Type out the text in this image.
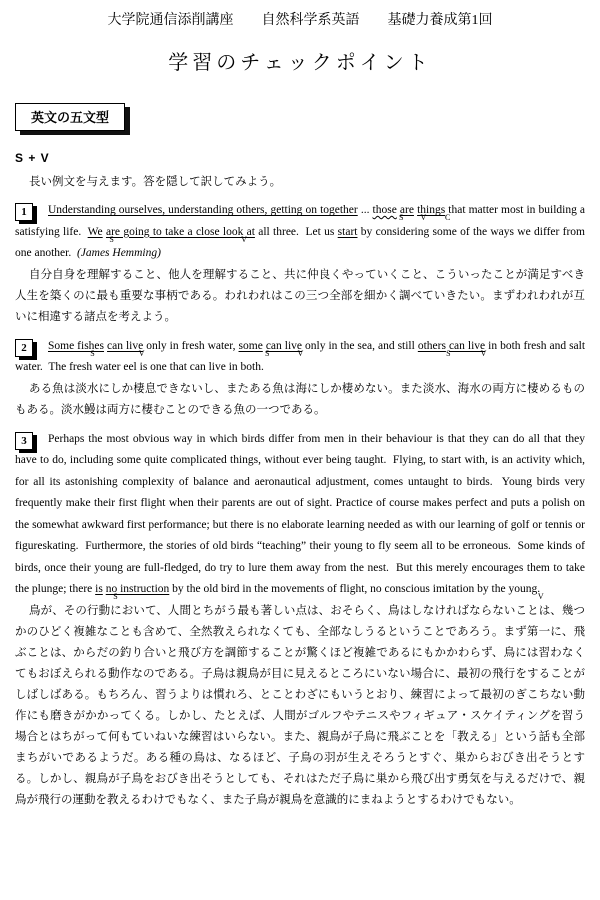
大学院通信添削講座　　自然科学系英語　　基礎力養成第1回
学習のチェックポイント
英文の五文型
S + V
長い例文を与えます。答を隠して訳してみよう。
1	Understanding ourselves, understanding others, getting on together ... those
S
are
V
things
C
that matter most in building a satisfying life.  We
S
are going to take a close look at
V
all three.  Let us start by considering some of the ways we differ from one another.  (James Hemming)

自分自身を理解すること、他人を理解すること、共に仲良くやっていくこと、こういったことが満足すべき人生を築くのに最も重要な事柄である。われわれはこの三つ全部を細かく調べていきたい。まずわれわれが互いに相違する諸点を考えよう。

2	Some fishes
S
can live
V
only in fresh water, some
S
can live
V
only in the sea, and still others
S
can live
V
in both fresh and salt water.  The fresh water eel is one that can live in both.

ある魚は淡水にしか棲息できないし、またある魚は海にしか棲めない。また淡水、海水の両方に棲めるものもある。淡水鰻は両方に棲むことのできる魚の一つである。

3	Perhaps the most obvious way in which birds differ from men in their behaviour is that they can do all that they have to do, including some quite complicated things, without ever being taught.  Flying, to start with, is an activity which, for all its astonishing complexity of balance and aeronautical adjustment, comes untaught to birds.  Young birds very frequently make their first flight when their parents are out of sight. Practice of course makes perfect and puts a polish on the somewhat awkward first performance; but there is no elaborate learning needed as with our learning of golf or tennis or figureskating.  Furthermore, the stories of old birds “teaching” their young to fly seem all to be erroneous.  Some kinds of birds, once their young are full-fledged, do try to lure them away from the nest.  But this merely encourages them to take the plunge; there is
S
no instruction by the old bird in the movements of flight, no conscious imitation by the young.
V

鳥が、その行動において、人間とちがう最も著しい点は、おそらく、鳥はしなければならないことは、幾つかのひどく複雑なことも含めて、全然教えられなくても、全部なしうるということであろう。まず第一に、飛ぶことは、からだの釣り合いと飛び方を調節することが驚くほど複雑であるにもかかわらず、鳥には習わなくてもおぼえられる動作なのである。子鳥は親鳥が目に見えるところにいない場合に、最初の飛行をすることがしばしばある。もちろん、習うよりは慣れろ、とことわざにもいうとおり、練習によって最初のぎこちない動作にも磨きがかかってくる。しかし、たとえば、人間がゴルフやテニスやフィギュア・スケイティングを習う場合とはちがって何もていねいな練習はいらない。また、親鳥が子鳥に飛ぶことを「教える」という話も全部まちがいであるようだ。ある種の鳥は、なるほど、子鳥の羽が生えそろうとすぐ、巣からおびき出そうとする。しかし、親鳥が子鳥をおびき出そうとしても、それはただ子鳥に巣から飛び出す勇気を与えるだけで、親鳥が飛行の運動を教えるわけでもなく、また子鳥が親鳥を意識的にまねようとするわけでもない。
